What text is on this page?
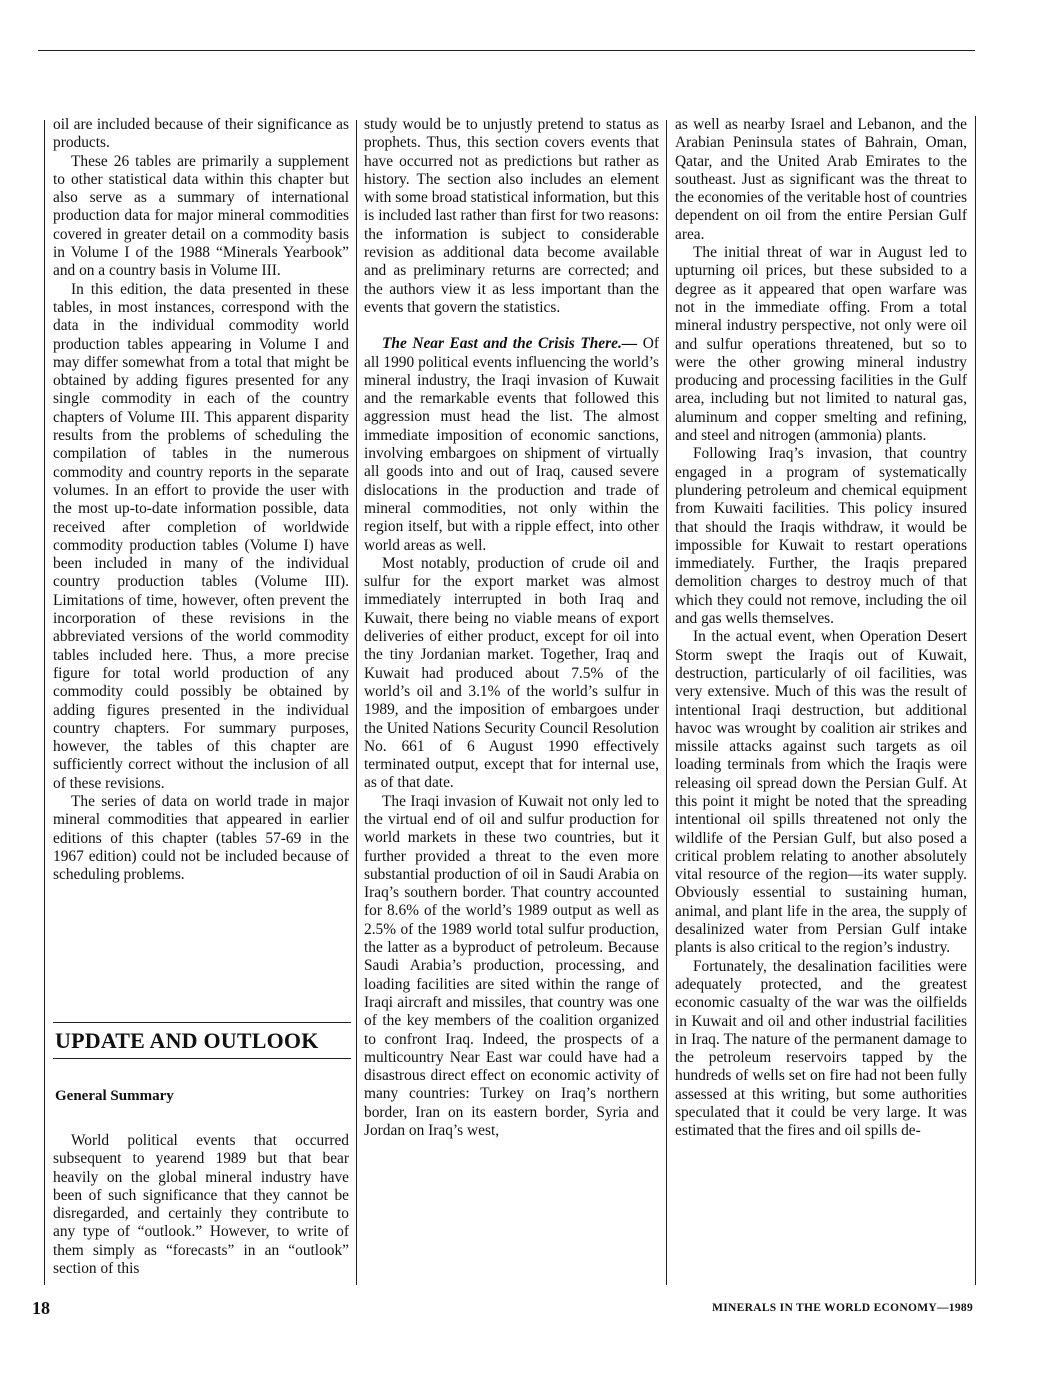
oil are included because of their significance as products.

These 26 tables are primarily a supplement to other statistical data within this chapter but also serve as a summary of international production data for major mineral commodities covered in greater detail on a commodity basis in Volume I of the 1988 “Minerals Yearbook” and on a country basis in Volume III.

In this edition, the data presented in these tables, in most instances, correspond with the data in the individual commodity world production tables appearing in Volume I and may differ somewhat from a total that might be obtained by adding figures presented for any single commodity in each of the country chapters of Volume III. This apparent disparity results from the problems of scheduling the compilation of tables in the numerous commodity and country reports in the separate volumes. In an effort to provide the user with the most up-to-date information possible, data received after completion of worldwide commodity production tables (Volume I) have been included in many of the individual country production tables (Volume III). Limitations of time, however, often prevent the incorporation of these revisions in the abbreviated versions of the world commodity tables included here. Thus, a more precise figure for total world production of any commodity could possibly be obtained by adding figures presented in the individual country chapters. For summary purposes, however, the tables of this chapter are sufficiently correct without the inclusion of all of these revisions.

The series of data on world trade in major mineral commodities that appeared in earlier editions of this chapter (tables 57-69 in the 1967 edition) could not be included because of scheduling problems.

UPDATE AND OUTLOOK
General Summary

World political events that occurred subsequent to yearend 1989 but that bear heavily on the global mineral industry have been of such significance that they cannot be disregarded, and certainly they contribute to any type of “outlook.” However, to write of them simply as “forecasts” in an “outlook” section of this

study would be to unjustly pretend to status as prophets. Thus, this section covers events that have occurred not as predictions but rather as history. The section also includes an element with some broad statistical information, but this is included last rather than first for two reasons: the information is subject to considerable revision as additional data become available and as preliminary returns are corrected; and the authors view it as less important than the events that govern the statistics.

The Near East and the Crisis There.— Of all 1990 political events influencing the world’s mineral industry, the Iraqi invasion of Kuwait and the remarkable events that followed this aggression must head the list. The almost immediate imposition of economic sanctions, involving embargoes on shipment of virtually all goods into and out of Iraq, caused severe dislocations in the production and trade of mineral commodities, not only within the region itself, but with a ripple effect, into other world areas as well.

Most notably, production of crude oil and sulfur for the export market was almost immediately interrupted in both Iraq and Kuwait, there being no viable means of export deliveries of either product, except for oil into the tiny Jordanian market. Together, Iraq and Kuwait had produced about 7.5% of the world’s oil and 3.1% of the world’s sulfur in 1989, and the imposition of embargoes under the United Nations Security Council Resolution No. 661 of 6 August 1990 effectively terminated output, except that for internal use, as of that date.

The Iraqi invasion of Kuwait not only led to the virtual end of oil and sulfur production for world markets in these two countries, but it further provided a threat to the even more substantial production of oil in Saudi Arabia on Iraq’s southern border. That country accounted for 8.6% of the world’s 1989 output as well as 2.5% of the 1989 world total sulfur production, the latter as a byproduct of petroleum. Because Saudi Arabia’s production, processing, and loading facilities are sited within the range of Iraqi aircraft and missiles, that country was one of the key members of the coalition organized to confront Iraq. Indeed, the prospects of a multicountry Near East war could have had a disastrous direct effect on economic activity of many countries: Turkey on Iraq’s northern border, Iran on its eastern border, Syria and Jordan on Iraq’s west,

as well as nearby Israel and Lebanon, and the Arabian Peninsula states of Bahrain, Oman, Qatar, and the United Arab Emirates to the southeast. Just as significant was the threat to the economies of the veritable host of countries dependent on oil from the entire Persian Gulf area.

The initial threat of war in August led to upturning oil prices, but these subsided to a degree as it appeared that open warfare was not in the immediate offing. From a total mineral industry perspective, not only were oil and sulfur operations threatened, but so to were the other growing mineral industry producing and processing facilities in the Gulf area, including but not limited to natural gas, aluminum and copper smelting and refining, and steel and nitrogen (ammonia) plants.

Following Iraq’s invasion, that country engaged in a program of systematically plundering petroleum and chemical equipment from Kuwaiti facilities. This policy insured that should the Iraqis withdraw, it would be impossible for Kuwait to restart operations immediately. Further, the Iraqis prepared demolition charges to destroy much of that which they could not remove, including the oil and gas wells themselves.

In the actual event, when Operation Desert Storm swept the Iraqis out of Kuwait, destruction, particularly of oil facilities, was very extensive. Much of this was the result of intentional Iraqi destruction, but additional havoc was wrought by coalition air strikes and missile attacks against such targets as oil loading terminals from which the Iraqis were releasing oil spread down the Persian Gulf. At this point it might be noted that the spreading intentional oil spills threatened not only the wildlife of the Persian Gulf, but also posed a critical problem relating to another absolutely vital resource of the region—its water supply. Obviously essential to sustaining human, animal, and plant life in the area, the supply of desalinized water from Persian Gulf intake plants is also critical to the region’s industry.

Fortunately, the desalination facilities were adequately protected, and the greatest economic casualty of the war was the oilfields in Kuwait and oil and other industrial facilities in Iraq. The nature of the permanent damage to the petroleum reservoirs tapped by the hundreds of wells set on fire had not been fully assessed at this writing, but some authorities speculated that it could be very large. It was estimated that the fires and oil spills de-

18	MINERALS IN THE WORLD ECONOMY—1989
